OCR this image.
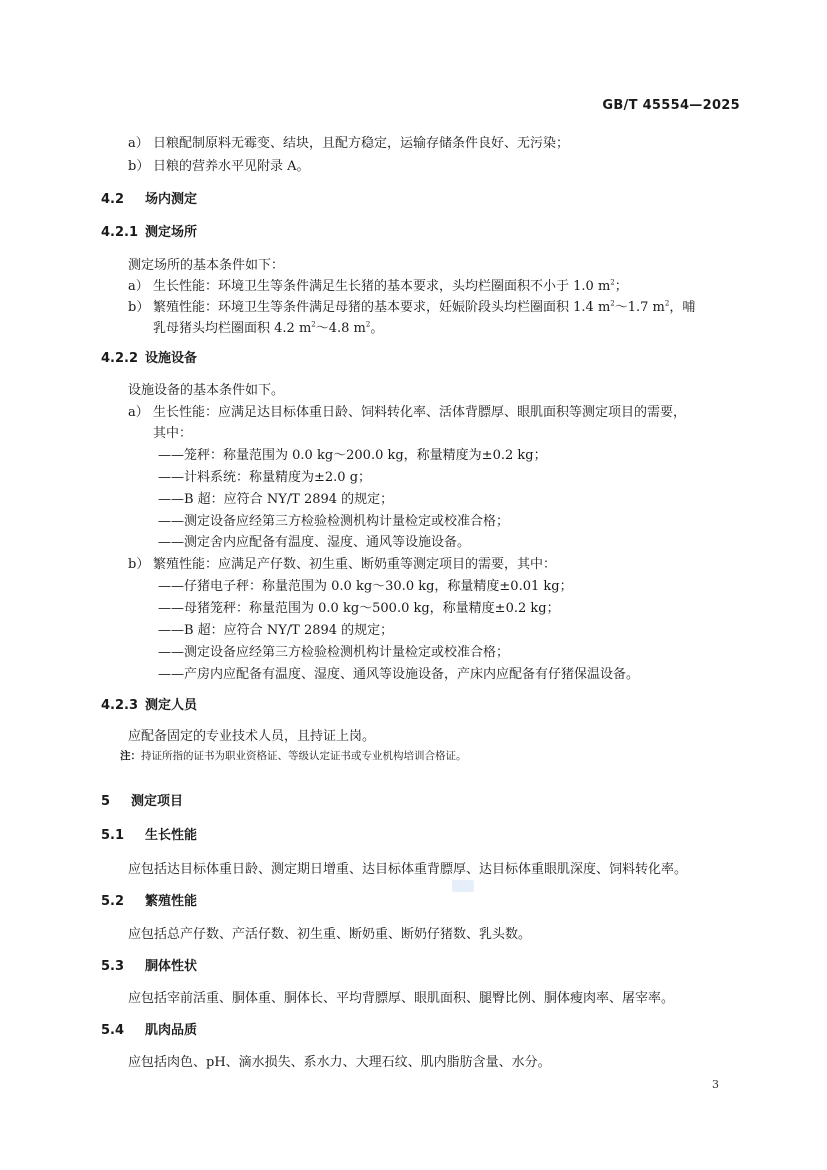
GB/T 45554—2025
a） 日粮配制原料无霉变、结块，且配方稳定，运输存储条件良好、无污染；
b） 日粮的营养水平见附录 A。
4.2 场内测定
4.2.1 测定场所
测定场所的基本条件如下：
a） 生长性能：环境卫生等条件满足生长猪的基本要求，头均栏圈面积不小于 1.0 $m^2$；
b） 繁殖性能：环境卫生等条件满足母猪的基本要求，妊娠阶段头均栏圈面积 1.4 $m^2\sim 1.7$ $m^2$，哺
乳母猪头均栏圈面积 4.2 $m^2\sim 4.8$ $m^2$。
4.2.2 设施设备
设施设备的基本条件如下。
a） 生长性能：应满足达目标体重日龄、饲料转化率、活体背膘厚、眼肌面积等测定项目的需要，
其中：
——笼秤：称量范围为 0.0 kg～200.0 kg，称量精度为±0.2 kg；
——计料系统：称量精度为±2.0 g；
——B 超：应符合 NY/T 2894 的规定；
——测定设备应经第三方检验检测机构计量检定或校准合格；
——测定舍内应配备有温度、湿度、通风等设施设备。
b） 繁殖性能：应满足产仔数、初生重、断奶重等测定项目的需要，其中：
——仔猪电子秤：称量范围为 0.0 kg～30.0 kg，称量精度±0.01 kg；
——母猪笼秤：称量范围为 0.0 kg～500.0 kg，称量精度±0.2 kg；
——B 超：应符合 NY/T 2894 的规定；
——测定设备应经第三方检验检测机构计量检定或校准合格；
——产房内应配备有温度、湿度、通风等设施设备，产床内应配备有仔猪保温设备。
4.2.3 测定人员
应配备固定的专业技术人员，且持证上岗。
注：持证所指的证书为职业资格证、等级认定证书或专业机构培训合格证。
5 测定项目
5.1 生长性能
应包括达目标体重日龄、测定期日增重、达目标体重背膘厚、达目标体重眼肌深度、饲料转化率。
5.2 繁殖性能
应包括总产仔数、产活仔数、初生重、断奶重、断奶仔猪数、乳头数。
5.3 胴体性状
应包括宰前活重、胴体重、胴体长、平均背膘厚、眼肌面积、腿臀比例、胴体瘦肉率、屠宰率。
5.4 肌肉品质
应包括肉色、pH、滴水损失、系水力、大理石纹、肌内脂肪含量、水分。
3
